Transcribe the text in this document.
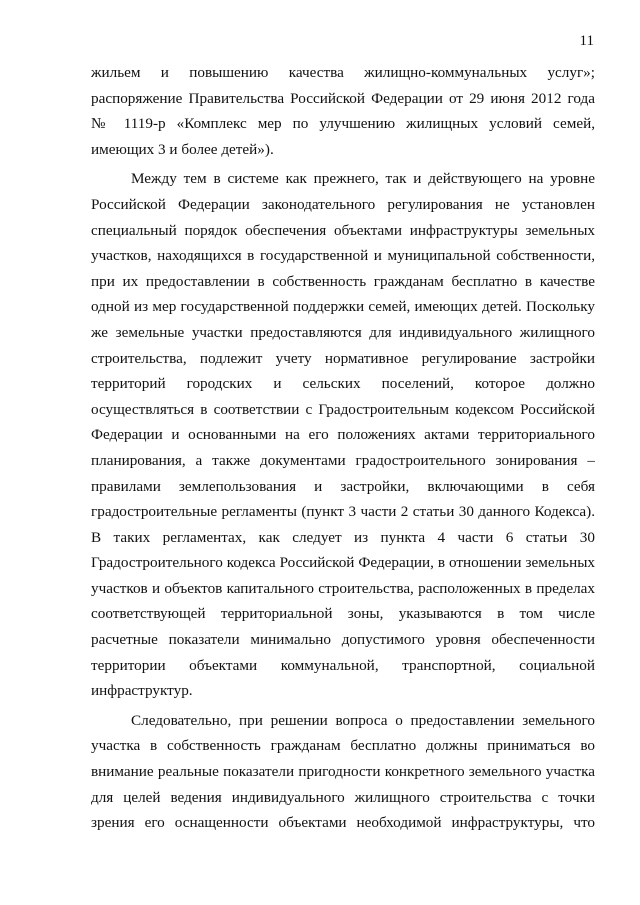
11
жильем и повышению качества жилищно-коммунальных услуг»;
распоряжение Правительства Российской Федерации от 29 июня 2012 года
№ 1119-р «Комплекс мер по улучшению жилищных условий семей,
имеющих 3 и более детей»).
Между тем в системе как прежнего, так и действующего на уровне
Российской Федерации законодательного регулирования не установлен
специальный порядок обеспечения объектами инфраструктуры земельных
участков, находящихся в государственной и муниципальной собственности,
при их предоставлении в собственность гражданам бесплатно в качестве
одной из мер государственной поддержки семей, имеющих детей. Поскольку
же земельные участки предоставляются для индивидуального жилищного
строительства, подлежит учету нормативное регулирование застройки
территорий городских и сельских поселений, которое должно
осуществляться в соответствии с Градостроительным кодексом Российской
Федерации и основанными на его положениях актами территориального
планирования, а также документами градостроительного зонирования –
правилами землепользования и застройки, включающими в себя
градостроительные регламенты (пункт 3 части 2 статьи 30 данного Кодекса).
В таких регламентах, как следует из пункта 4 части 6 статьи 30
Градостроительного кодекса Российской Федерации, в отношении земельных
участков и объектов капитального строительства, расположенных в пределах
соответствующей территориальной зоны, указываются в том числе
расчетные показатели минимально допустимого уровня обеспеченности
территории объектами коммунальной, транспортной, социальной
инфраструктур.
Следовательно, при решении вопроса о предоставлении земельного
участка в собственность гражданам бесплатно должны приниматься во
внимание реальные показатели пригодности конкретного земельного участка
для целей ведения индивидуального жилищного строительства с точки
зрения его оснащенности объектами необходимой инфраструктуры, что
